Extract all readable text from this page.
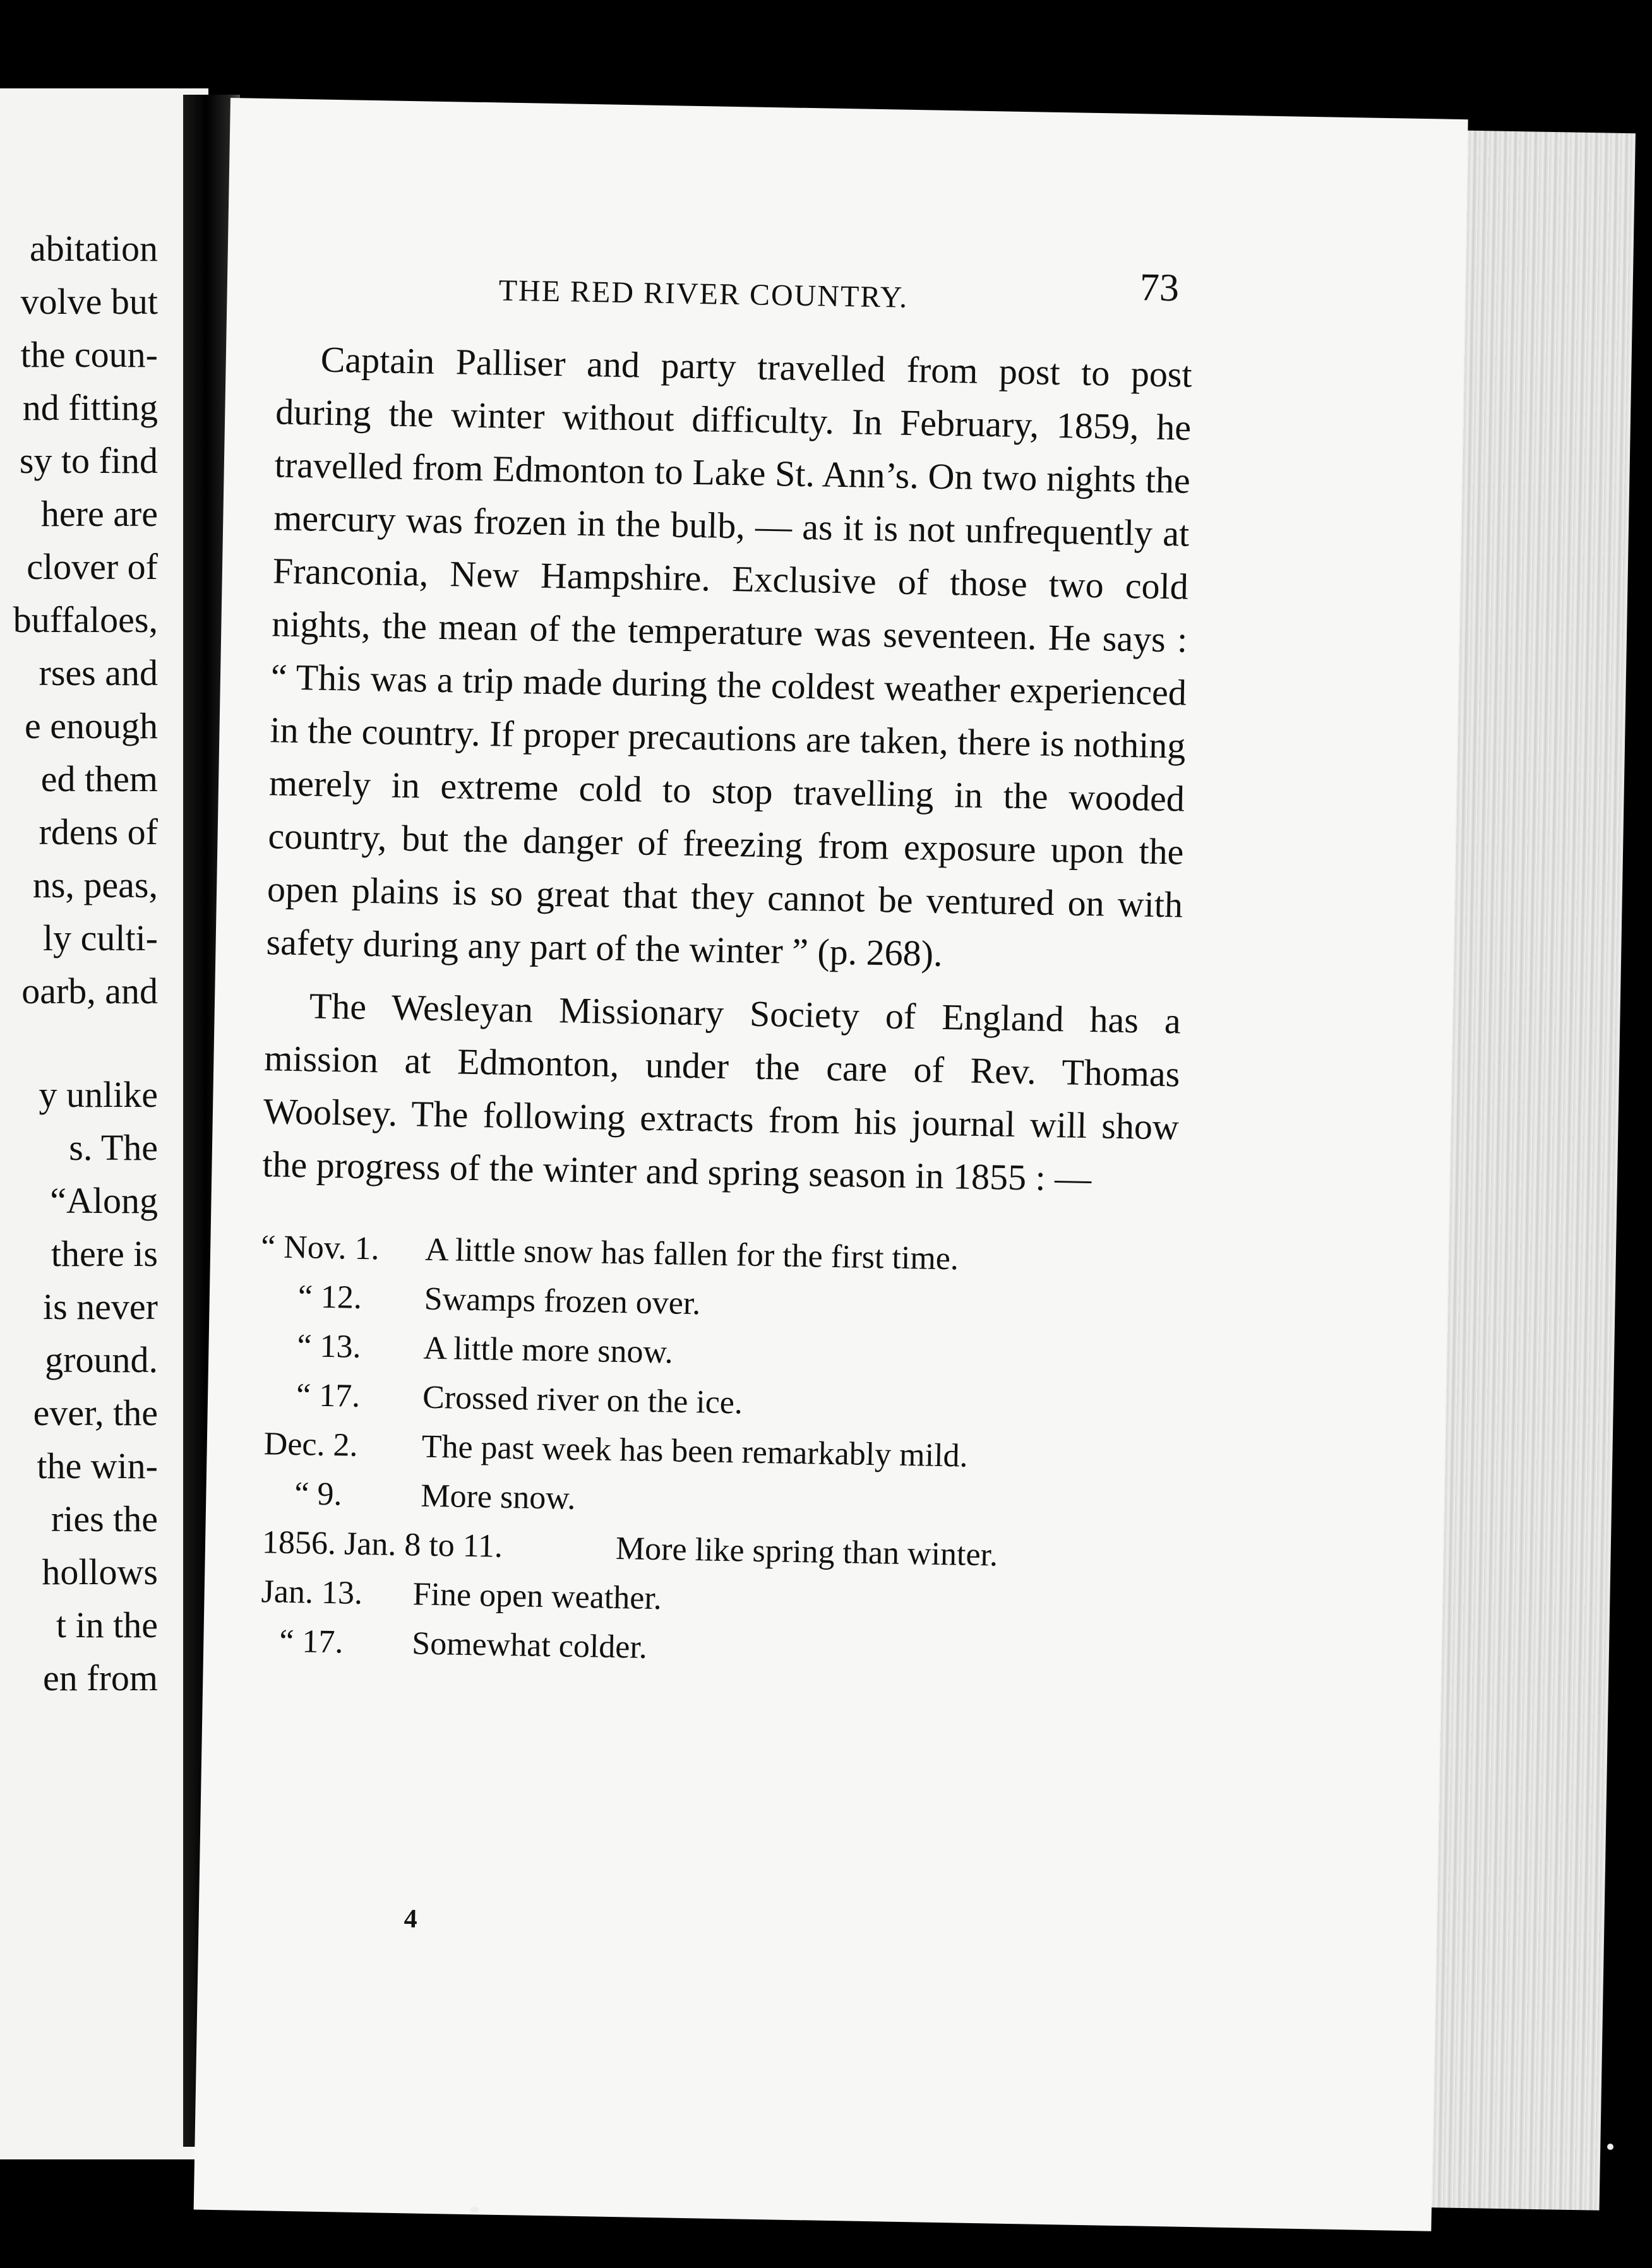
abitation
volve but
the coun-
nd fitting
sy to find
here are
clover of
buffaloes,
rses and
e enough
ed them
rdens of
ns, peas,
ly culti-
oarb, and
y unlike
s. The
“Along
there is
is never
ground.
ever, the
the win-
ries the
hollows
t in the
en from
THE RED RIVER COUNTRY.	73

Captain Palliser and party travelled from post to post during the winter without difficulty. In February, 1859, he travelled from Edmonton to Lake St. Ann’s. On two nights the mercury was frozen in the bulb, — as it is not unfrequently at Franconia, New Hampshire. Exclusive of those two cold nights, the mean of the temperature was seventeen. He says : “ This was a trip made during the coldest weather experienced in the country. If proper precautions are taken, there is nothing merely in extreme cold to stop travelling in the wooded country, but the danger of freezing from exposure upon the open plains is so great that they cannot be ventured on with safety during any part of the winter ” (p. 268).

The Wesleyan Missionary Society of England has a mission at Edmonton, under the care of Rev. Thomas Woolsey. The following extracts from his journal will show the progress of the winter and spring season in 1855 : —

“ Nov. 1. A little snow has fallen for the first time.
“ 12. Swamps frozen over.
“ 13. A little more snow.
“ 17. Crossed river on the ice.
Dec. 2. The past week has been remarkably mild.
“ 9. More snow.
1856. Jan. 8 to 11.	More like spring than winter.
Jan. 13. Fine open weather.
“ 17. Somewhat colder.
4
